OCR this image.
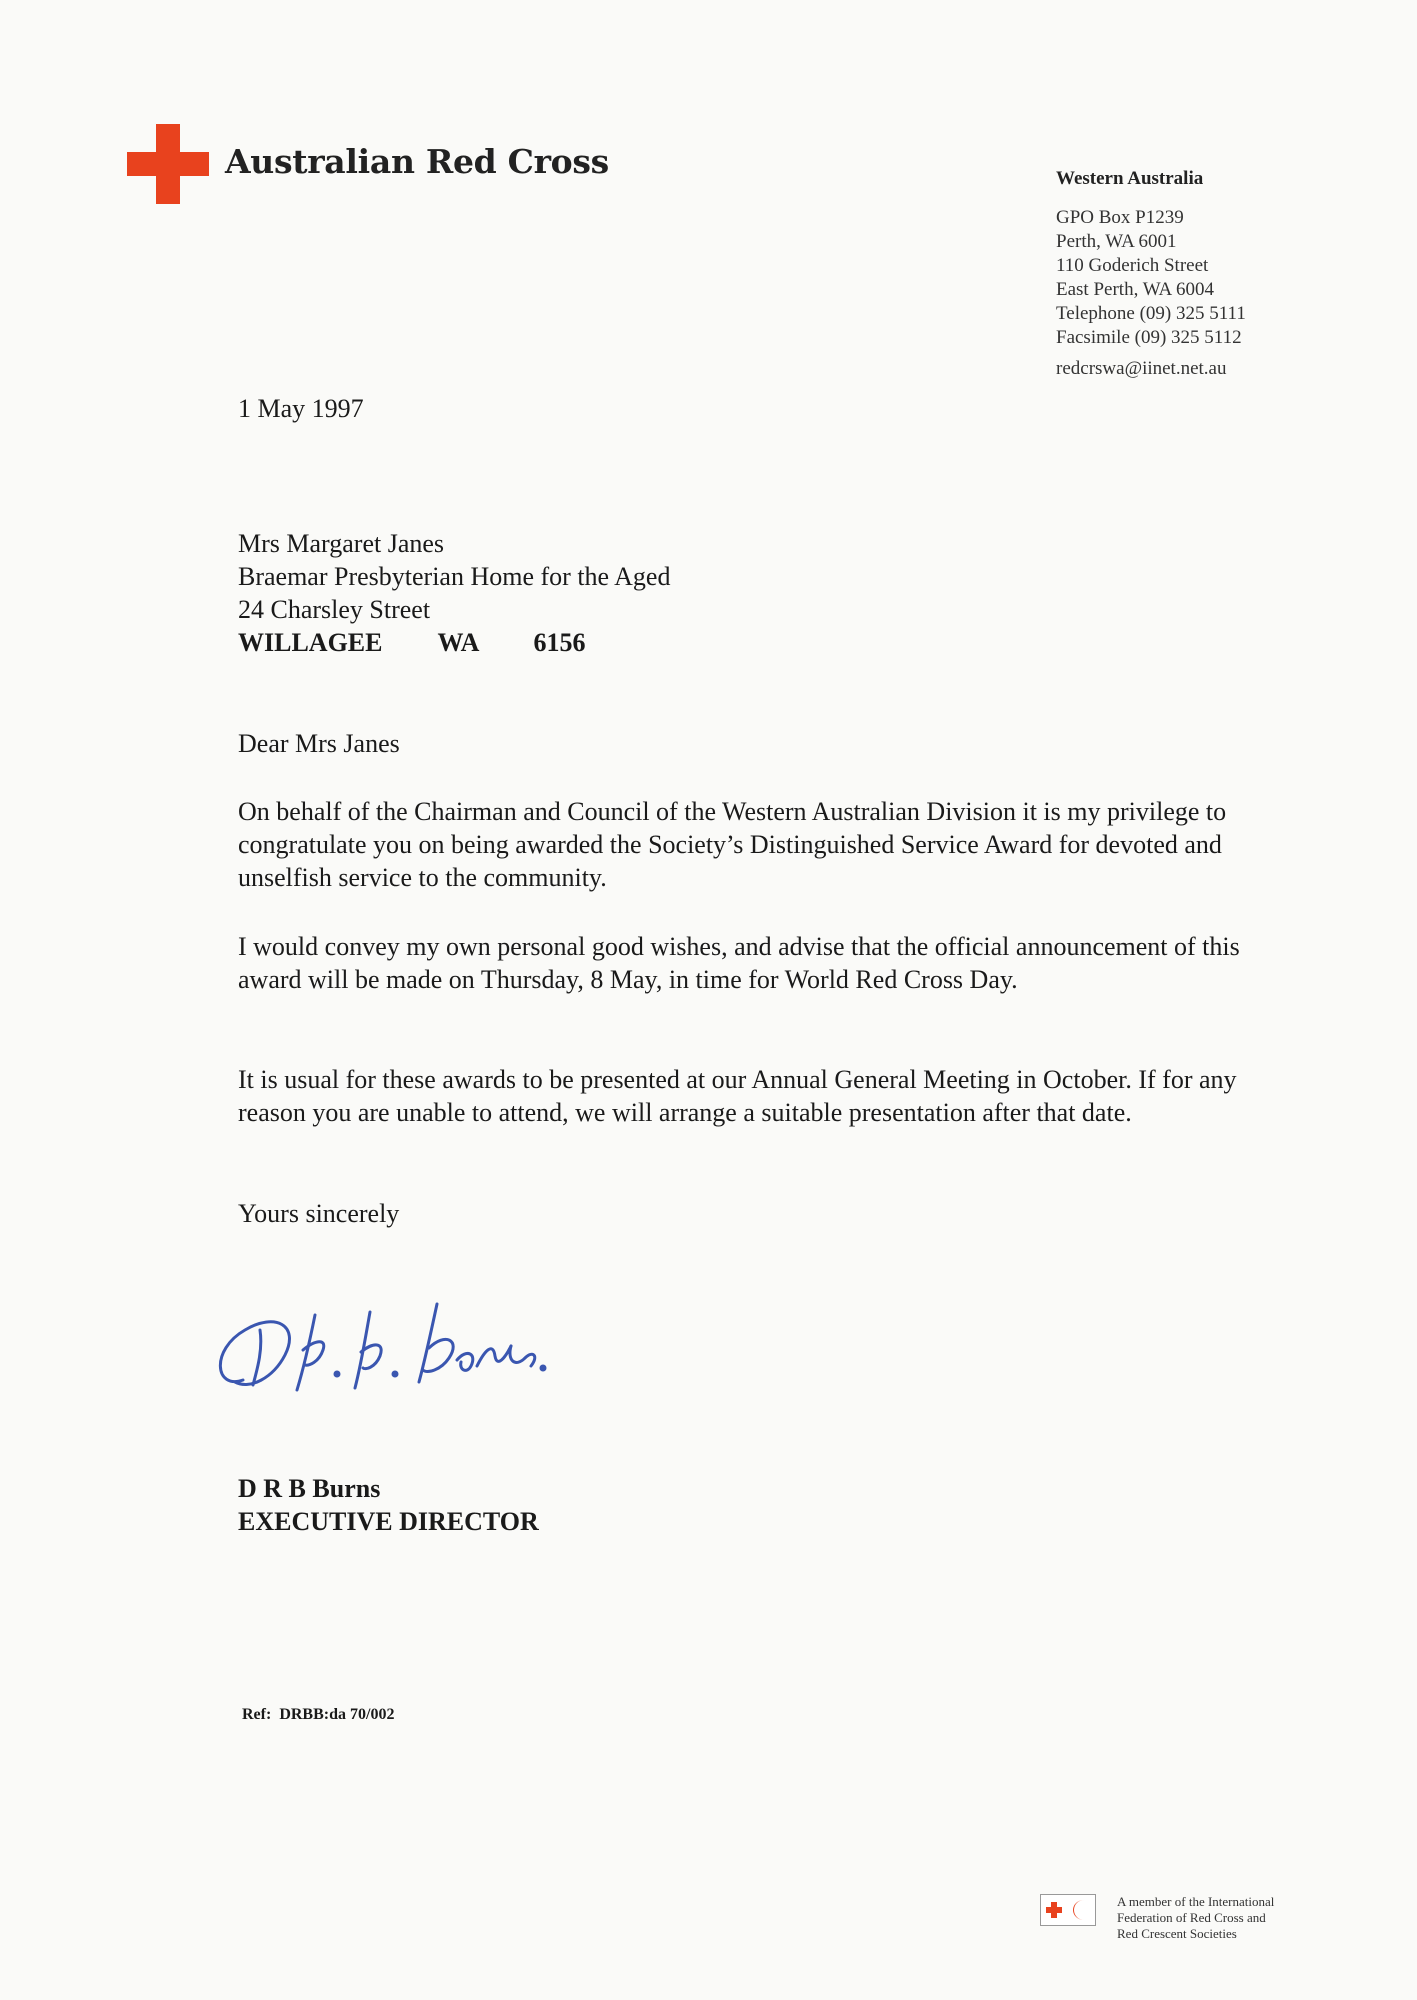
Australian Red Cross	Western Australia
GPO Box P1239
Perth, WA 6001
110 Goderich Street
East Perth, WA 6004
Telephone (09) 325 5111
Facsimile (09) 325 5112
redcrswa@iinet.net.au
1 May 1997
Mrs Margaret Janes
Braemar Presbyterian Home for the Aged
24 Charsley Street
WILLAGEE   WA   6156
Dear Mrs Janes

On behalf of the Chairman and Council of the Western Australian Division it is my privilege to congratulate you on being awarded the Society’s Distinguished Service Award for devoted and unselfish service to the community.

I would convey my own personal good wishes, and advise that the official announcement of this award will be made on Thursday, 8 May, in time for World Red Cross Day.

It is usual for these awards to be presented at our Annual General Meeting in October. If for any reason you are unable to attend, we will arrange a suitable presentation after that date.

Yours sincerely
D R B Burns
EXECUTIVE DIRECTOR
Ref:  DRBB:da 70/002
A member of the International
Federation of Red Cross and
Red Crescent Societies
